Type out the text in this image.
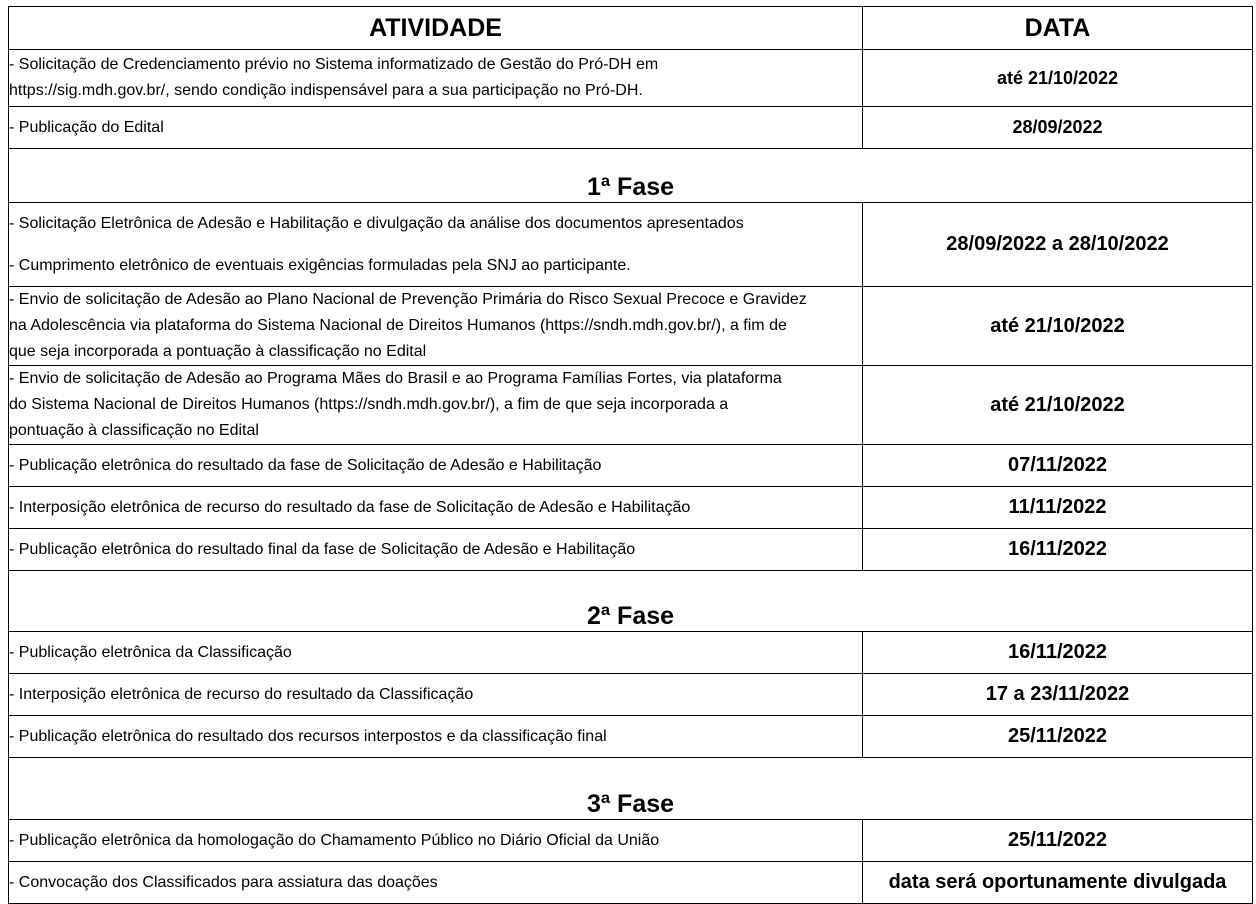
ATIVIDADE	DATA

- Solicitação de Credenciamento prévio no Sistema informatizado de Gestão do Pró-DH em
https://sig.mdh.gov.br/, sendo condição indispensável para a sua participação no Pró-DH.	até 21/10/2022

- Publicação do Edital	28/09/2022
1ª Fase	

- Solicitação Eletrônica de Adesão e Habilitação e divulgação da análise dos documentos apresentados
- Cumprimento eletrônico de eventuais exigências formuladas pela SNJ ao participante.	28/09/2022 a 28/10/2022

- Envio de solicitação de Adesão ao Plano Nacional de Prevenção Primária do Risco Sexual Precoce e Gravidez
na Adolescência via plataforma do Sistema Nacional de Direitos Humanos (https://sndh.mdh.gov.br/), a fim de
que seja incorporada a pontuação à classificação no Edital	até 21/10/2022

- Envio de solicitação de Adesão ao Programa Mães do Brasil e ao Programa Famílias Fortes, via plataforma
do Sistema Nacional de Direitos Humanos (https://sndh.mdh.gov.br/), a fim de que seja incorporada a
pontuação à classificação no Edital	até 21/10/2022

- Publicação eletrônica do resultado da fase de Solicitação de Adesão e Habilitação	07/11/2022

- Interposição eletrônica de recurso do resultado da fase de Solicitação de Adesão e Habilitação	11/11/2022

- Publicação eletrônica do resultado final da fase de Solicitação de Adesão e Habilitação	16/11/2022
2ª Fase	

- Publicação eletrônica da Classificação	16/11/2022

- Interposição eletrônica de recurso do resultado da Classificação	17 a 23/11/2022

- Publicação eletrônica do resultado dos recursos interpostos e da classificação final	25/11/2022
3ª Fase	

- Publicação eletrônica da homologação do Chamamento Público no Diário Oficial da União	25/11/2022

- Convocação dos Classificados para assiatura das doações	data será oportunamente divulgada
